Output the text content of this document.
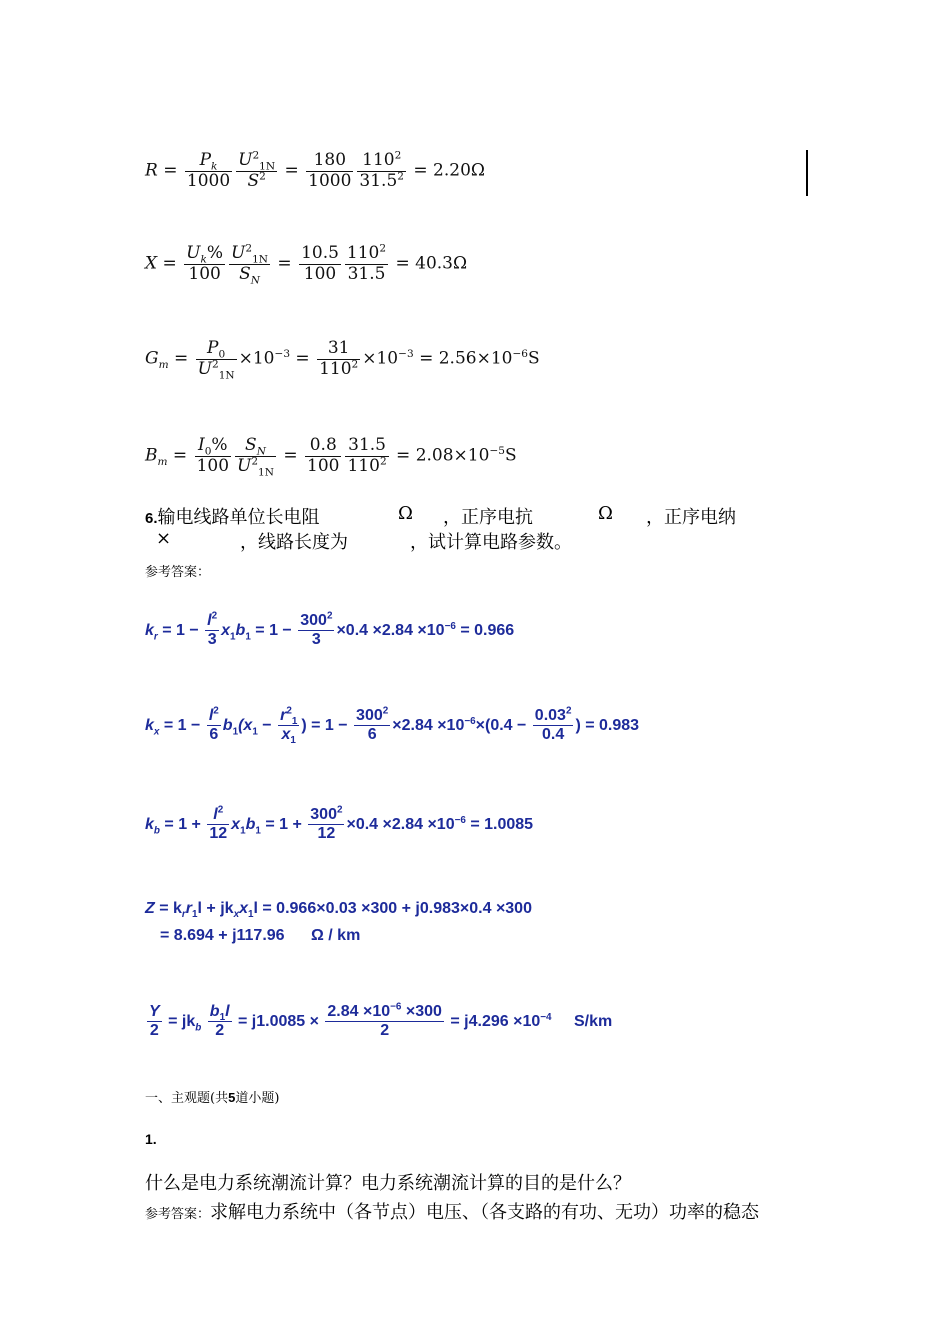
$R = \frac{P_k}{1000} \frac{U^2_{1N}}{S^2} = \frac{180}{1000} \frac{110^2}{31.5^2} = 2.20\Omega$
$X = \frac{U_k\%}{100} \frac{U^2_{1N}}{S_N} = \frac{10.5}{100} \frac{110^2}{31.5} = 40.3\Omega$
$G_m = \frac{P_0}{U^2_{1N}} \times 10^{-3} = \frac{31}{110^2} \times 10^{-3} = 2.56\times 10^{-6}S$
$B_m = \frac{I_0\%}{100} \frac{S_N}{U^2_{1N}} = \frac{0.8}{100} \frac{31.5}{110^2} = 2.08\times 10^{-5}S$
6.输电线路单位长电阻	Ω ，正序电抗	Ω ，正序电纳
×	，线路长度为	，试计算电路参数。
参考答案：
$k_r = 1 - \frac{l^2}{3} x_1b_1 = 1 - \frac{300^2}{3} \times 0.4 \times 2.84 \times 10^{-6} = 0.966$
$k_x = 1 - \frac{l^2}{6} b_1(x_1 - \frac{r^2_1}{x_1}$ ) = $1 - \frac{300^2}{6} \times 2.84 \times 10^{-6}\times(0.4 - \frac{0.03^2}{0.4}$ ) = 0.983
$k_b = 1 + \frac{l^2}{12} x_1b_1 = 1 + \frac{300^2}{12} \times 0.4 \times 2.84 \times 10^{-6} = 1.0085$
$Z = k_rr_1l + jk_xx_1l = 0.966\times 0.03 \times 300 + j0.983\times 0.4 \times 300$
= 8.694 + j117.96 Ω / km
$\frac{Y}{2} = jk_b \frac{b_1l}{2} = j1.0085 \times \frac{2.84 \times 10^{-6} \times 300}{2} = j4.296 \times 10^{-4}$ S/km
一、主观题(共5道小题)
1.
什么是电力系统潮流计算？电力系统潮流计算的目的是什么？
参考答案：求解电力系统中（各节点）电压、（各支路的有功、无功）功率的稳态
